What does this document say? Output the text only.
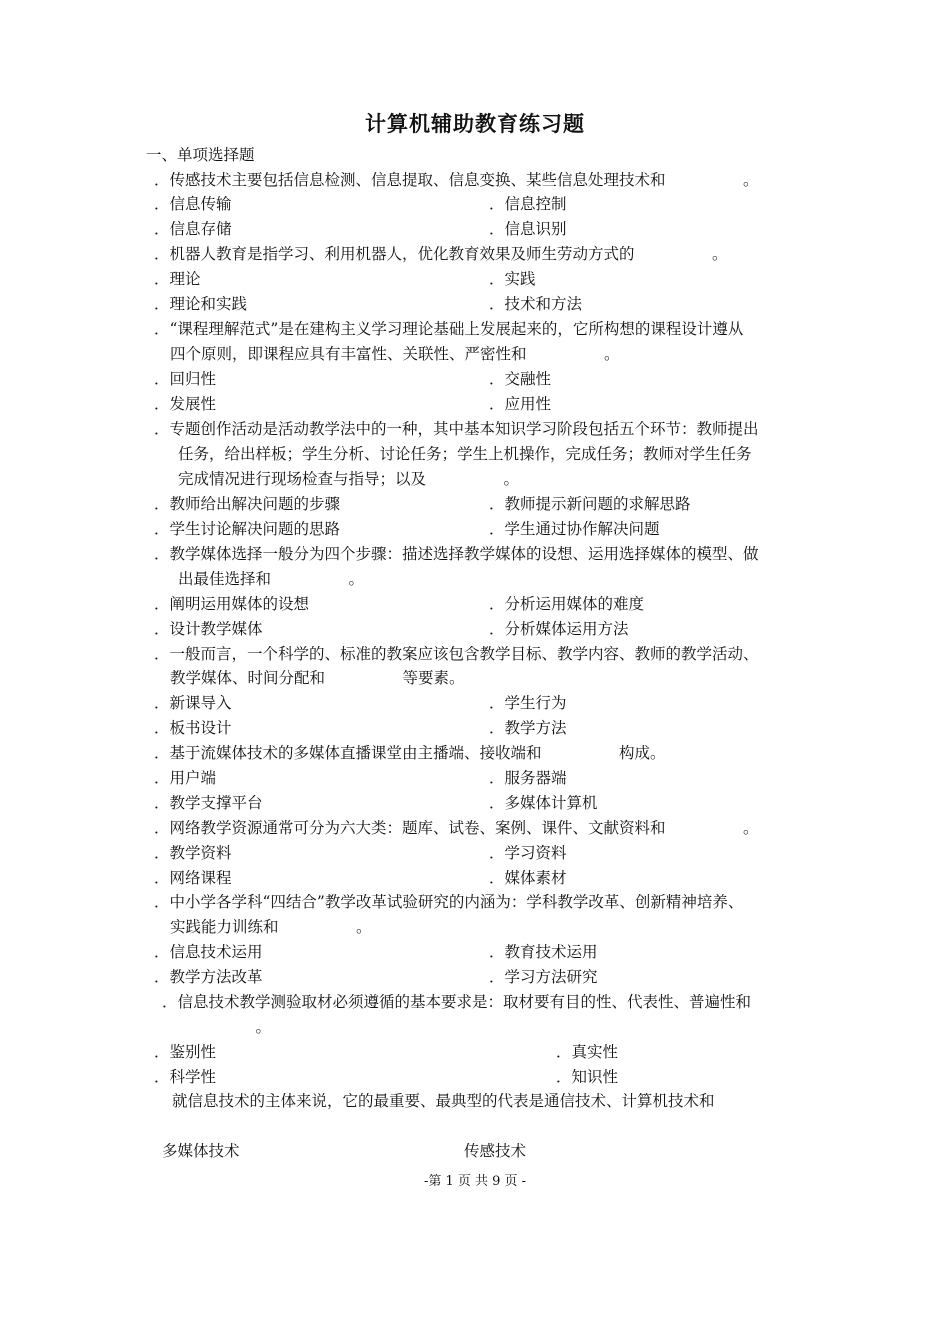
计算机辅助教育练习题
一、单项选择题
．传感技术主要包括信息检测、信息提取、信息变换、某些信息处理技术和　　　　　。
．信息传输	．信息控制
．信息存储	．信息识别
．机器人教育是指学习、利用机器人，优化教育效果及师生劳动方式的　　　　　。
．理论	．实践
．理论和实践	．技术和方法
．“课程理解范式”是在建构主义学习理论基础上发展起来的，它所构想的课程设计遵从
四个原则，即课程应具有丰富性、关联性、严密性和　　　　　。
．回归性	．交融性
．发展性	．应用性
．专题创作活动是活动教学法中的一种，其中基本知识学习阶段包括五个环节：教师提出
任务，给出样板；学生分析、讨论任务；学生上机操作，完成任务；教师对学生任务
完成情况进行现场检查与指导；以及　　　　　。
．教师给出解决问题的步骤	．教师提示新问题的求解思路
．学生讨论解决问题的思路	．学生通过协作解决问题
．教学媒体选择一般分为四个步骤：描述选择教学媒体的设想、运用选择媒体的模型、做
出最佳选择和　　　　　。
．阐明运用媒体的设想	．分析运用媒体的难度
．设计教学媒体	．分析媒体运用方法
．一般而言，一个科学的、标准的教案应该包含教学目标、教学内容、教师的教学活动、
教学媒体、时间分配和　　　　　等要素。
．新课导入	．学生行为
．板书设计	．教学方法
．基于流媒体技术的多媒体直播课堂由主播端、接收端和　　　　　构成。
．用户端	．服务器端
．教学支撑平台	．多媒体计算机
．网络教学资源通常可分为六大类：题库、试卷、案例、课件、文献资料和　　　　　。
．教学资料	．学习资料
．网络课程	．媒体素材
．中小学各学科“四结合”教学改革试验研究的内涵为：学科教学改革、创新精神培养、
实践能力训练和　　　　　。
．信息技术运用	．教育技术运用
．教学方法改革	．学习方法研究
．信息技术教学测验取材必须遵循的基本要求是：取材要有目的性、代表性、普遍性和
　　　　　。
．鉴别性	．真实性
．科学性	．知识性
就信息技术的主体来说，它的最重要、最典型的代表是通信技术、计算机技术和
多媒体技术	传感技术
-第 1 页 共 9 页 -
